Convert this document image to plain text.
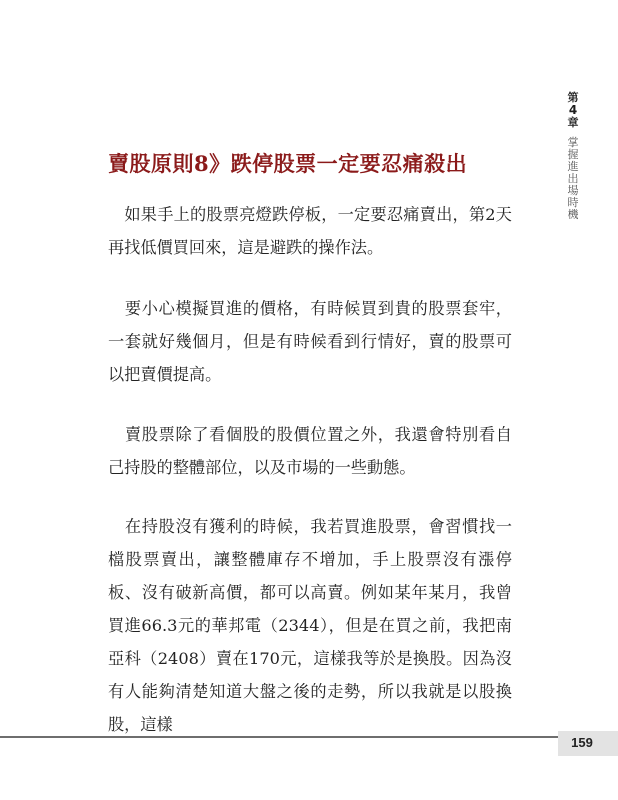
第
4
章
掌握進出場時機
賣股原則8》跌停股票一定要忍痛殺出

　如果手上的股票亮燈跌停板，一定要忍痛賣出，第2天再找低價買回來，這是避跌的操作法。

　要小心模擬買進的價格，有時候買到貴的股票套牢，一套就好幾個月，但是有時候看到行情好，賣的股票可以把賣價提高。

　賣股票除了看個股的股價位置之外，我還會特別看自己持股的整體部位，以及市場的一些動態。

　在持股沒有獲利的時候，我若買進股票，會習慣找一檔股票賣出，讓整體庫存不增加，手上股票沒有漲停板、沒有破新高價，都可以高賣。例如某年某月，我曾買進66.3元的華邦電（2344），但是在買之前，我把南亞科（2408）賣在170元，這樣我等於是換股。因為沒有人能夠清楚知道大盤之後的走勢，所以我就是以股換股，這樣

159
